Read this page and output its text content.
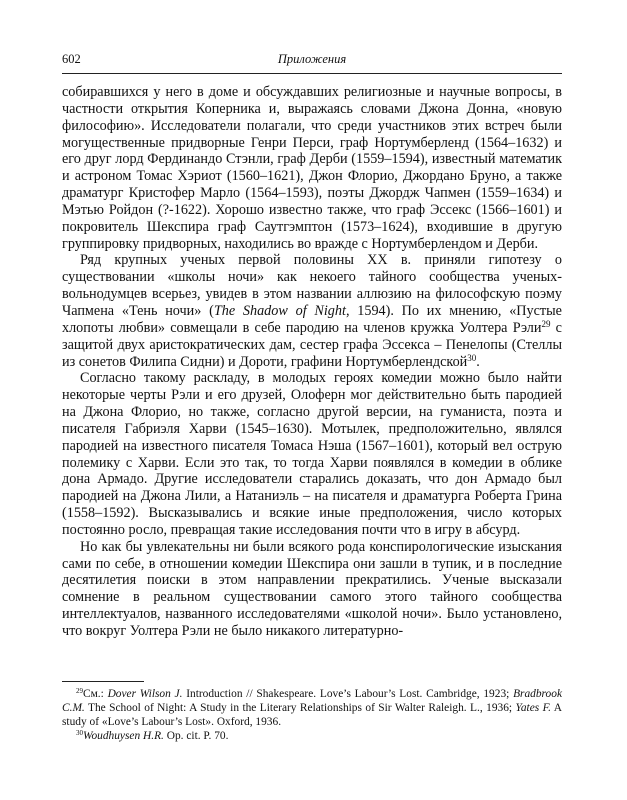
602	Приложения

собиравшихся у него в доме и обсуждавших религиозные и научные вопросы, в частности открытия Коперника и, выражаясь словами Джона Донна, «новую философию». Исследователи полагали, что среди участников этих встреч были могущественные придворные Генри Перси, граф Нортумберленд (1564–1632) и его друг лорд Фердинандо Стэнли, граф Дерби (1559–1594), известный математик и астроном Томас Хэриот (1560–1621), Джон Флорио, Джордано Бруно, а также драматург Кристофер Марло (1564–1593), поэты Джордж Чапмен (1559–1634) и Мэтью Ройдон (?-1622). Хорошо известно также, что граф Эссекс (1566–1601) и покровитель Шекспира граф Саутгэмптон (1573–1624), входившие в другую группировку придворных, находились во вражде с Нортумберлендом и Дерби.

Ряд крупных ученых первой половины XX в. приняли гипотезу о существовании «школы ночи» как некоего тайного сообщества ученых-вольнодумцев всерьез, увидев в этом названии аллюзию на философскую поэму Чапмена «Тень ночи» (The Shadow of Night, 1594). По их мнению, «Пустые хлопоты любви» совмещали в себе пародию на членов кружка Уолтера Рэли$^{29}$ с защитой двух аристократических дам, сестер графа Эссекса – Пенелопы (Стеллы из сонетов Филипа Сидни) и Дороти, графини Нортумберлендской$^{30}$.

Согласно такому раскладу, в молодых героях комедии можно было найти некоторые черты Рэли и его друзей, Олоферн мог действительно быть пародией на Джона Флорио, но также, согласно другой версии, на гуманиста, поэта и писателя Габриэля Харви (1545–1630). Мотылек, предположительно, являлся пародией на известного писателя Томаса Нэша (1567–1601), который вел острую полемику с Харви. Если это так, то тогда Харви появлялся в комедии в облике дона Армадо. Другие исследователи старались доказать, что дон Армадо был пародией на Джона Лили, а Натаниэль – на писателя и драматурга Роберта Грина (1558–1592). Высказывались и всякие иные предположения, число которых постоянно росло, превращая такие исследования почти что в игру в абсурд.

Но как бы увлекательны ни были всякого рода конспирологические изыскания сами по себе, в отношении комедии Шекспира они зашли в тупик, и в последние десятилетия поиски в этом направлении прекратились. Ученые высказали сомнение в реальном существовании самого этого тайного сообщества интеллектуалов, названного исследователями «школой ночи». Было установлено, что вокруг Уолтера Рэли не было никакого литературно-

$^{29}$См.: Dover Wilson J. Introduction // Shakespeare. Love’s Labour’s Lost. Cambridge, 1923; Bradbrook C.M. The School of Night: A Study in the Literary Relationships of Sir Walter Raleigh. L., 1936; Yates F. A study of «Love’s Labour’s Lost». Oxford, 1936.

$^{30}$Woudhuysen H.R. Op. cit. P. 70.
